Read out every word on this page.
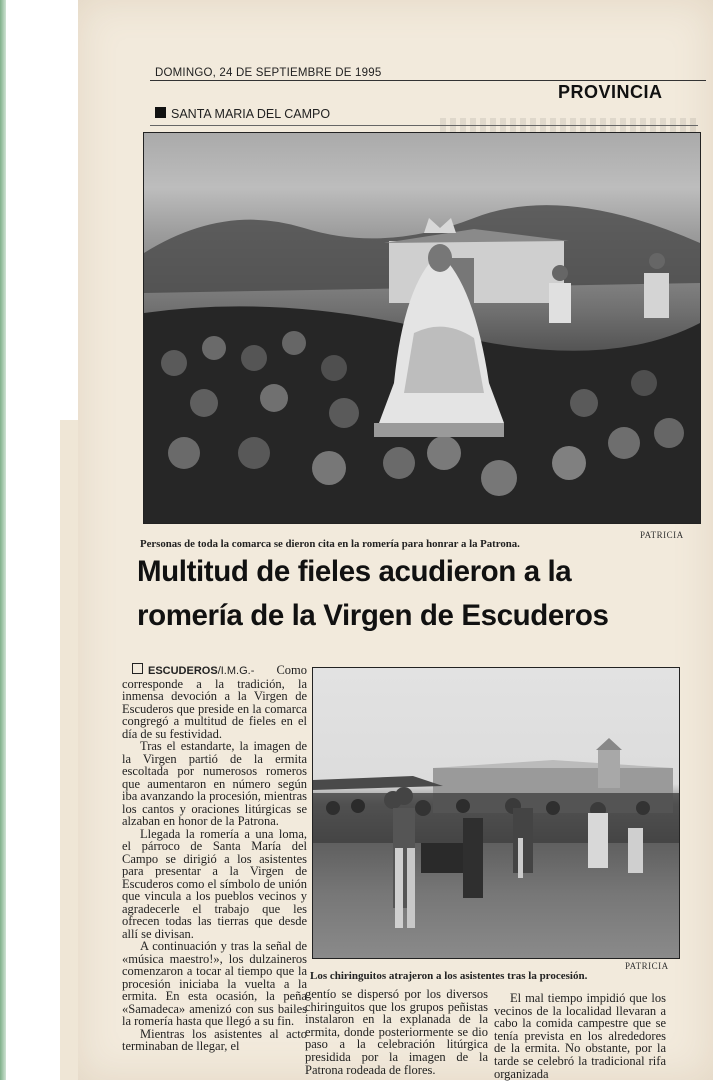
DOMINGO, 24 DE SEPTIEMBRE DE 1995
PROVINCIA
SANTA MARIA DEL CAMPO
PATRICIA
Personas de toda la comarca se dieron cita en la romería para honrar a la Patrona.
Multitud de fieles acudieron a la
romería de la Virgen de Escuderos

ESCUDEROS/I.M.G.- Como corresponde a la tradición, la inmensa devoción a la Virgen de Escuderos que preside en la comarca congregó a multitud de fieles en el día de su festividad.

Tras el estandarte, la imagen de la Virgen partió de la ermita escoltada por numerosos romeros que aumentaron en número según iba avanzando la procesión, mientras los cantos y oraciones litúrgicas se alzaban en honor de la Patrona.

Llegada la romería a una loma, el párroco de Santa María del Campo se dirigió a los asistentes para presentar a la Virgen de Escuderos como el símbolo de unión que vincula a los pueblos vecinos y agradecerle el trabajo que les ofrecen todas las tierras que desde allí se divisan.

A continuación y tras la señal de «música maestro!», los dulzaineros comenzaron a tocar al tiempo que la procesión iniciaba la vuelta a la ermita. En esta ocasión, la peña «Samadeca» amenizó con sus bailes la romería hasta que llegó a su fin.

Mientras los asistentes al acto terminaban de llegar, el

PATRICIA
Los chiringuitos atrajeron a los asistentes tras la procesión.

gentío se dispersó por los diversos chiringuitos que los grupos peñistas instalaron en la explanada de la ermita, donde posteriormente se dio paso a la celebración litúrgica presidida por la imagen de la Patrona rodeada de flores.

El mal tiempo impidió que los vecinos de la localidad llevaran a cabo la comida campestre que se tenía prevista en los alrededores de la ermita. No obstante, por la tarde se celebró la tradicional rifa organizada
